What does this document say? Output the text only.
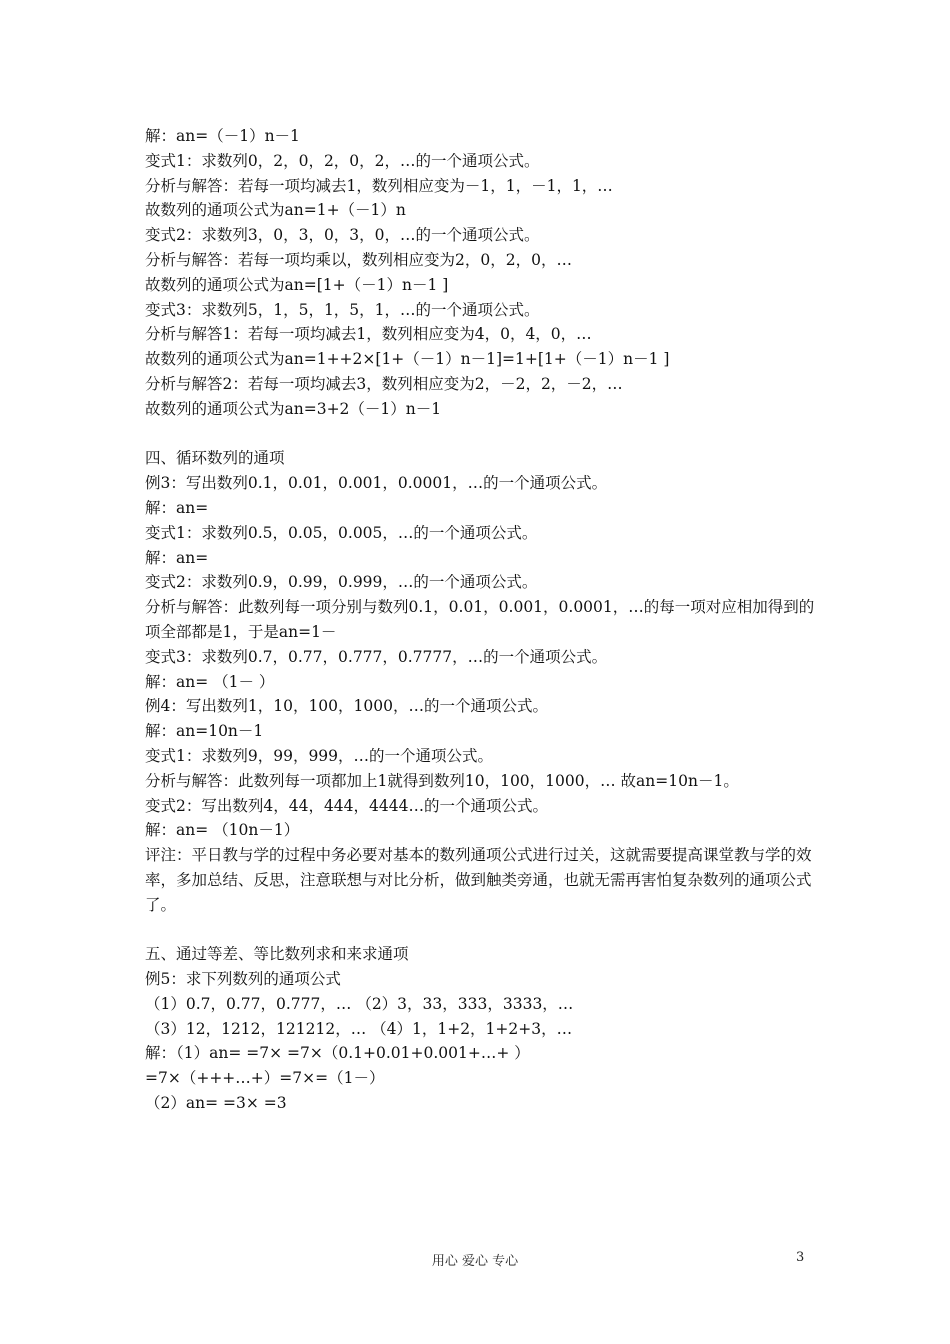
解：an=（－1）n－1
变式1：求数列0，2，0，2，0，2，…的一个通项公式。
分析与解答：若每一项均减去1，数列相应变为－1，1，－1，1，…
故数列的通项公式为an=1+（－1）n
变式2：求数列3，0，3，0，3，0，…的一个通项公式。
分析与解答：若每一项均乘以，数列相应变为2，0，2，0，…
故数列的通项公式为an=[1+（－1）n－1 ]
变式3：求数列5，1，5，1，5，1，…的一个通项公式。
分析与解答1：若每一项均减去1，数列相应变为4，0，4，0，…
故数列的通项公式为an=1++2×[1+（－1）n－1]=1+[1+（－1）n－1 ]
分析与解答2：若每一项均减去3，数列相应变为2，－2，2，－2，…
故数列的通项公式为an=3+2（－1）n－1
四、循环数列的通项
例3：写出数列0.1，0.01，0.001，0.0001，…的一个通项公式。
解：an=
变式1：求数列0.5，0.05，0.005，…的一个通项公式。
解：an=
变式2：求数列0.9，0.99，0.999，…的一个通项公式。
分析与解答：此数列每一项分别与数列0.1，0.01，0.001，0.0001，…的每一项对应相加得到的项全部都是1，于是an=1－
变式3：求数列0.7，0.77，0.777，0.7777，…的一个通项公式。
解：an= （1－ ）
例4：写出数列1，10，100，1000，…的一个通项公式。
解：an=10n－1
变式1：求数列9，99，999，…的一个通项公式。
分析与解答：此数列每一项都加上1就得到数列10，100，1000，… 故an=10n－1。
变式2：写出数列4，44，444，4444…的一个通项公式。
解：an= （10n－1）
评注：平日教与学的过程中务必要对基本的数列通项公式进行过关，这就需要提高课堂教与学的效率，多加总结、反思，注意联想与对比分析，做到触类旁通，也就无需再害怕复杂数列的通项公式了。
五、通过等差、等比数列求和来求通项
例5：求下列数列的通项公式
（1）0.7，0.77，0.777，… （2）3，33，333，3333，…
（3）12，1212，121212，… （4）1，1+2，1+2+3，…
解：（1）an= =7× =7×（0.1+0.01+0.001+…+ ）
=7×（+++…+）=7×=（1－）
（2）an= =3× =3
用心 爱心 专心	3
